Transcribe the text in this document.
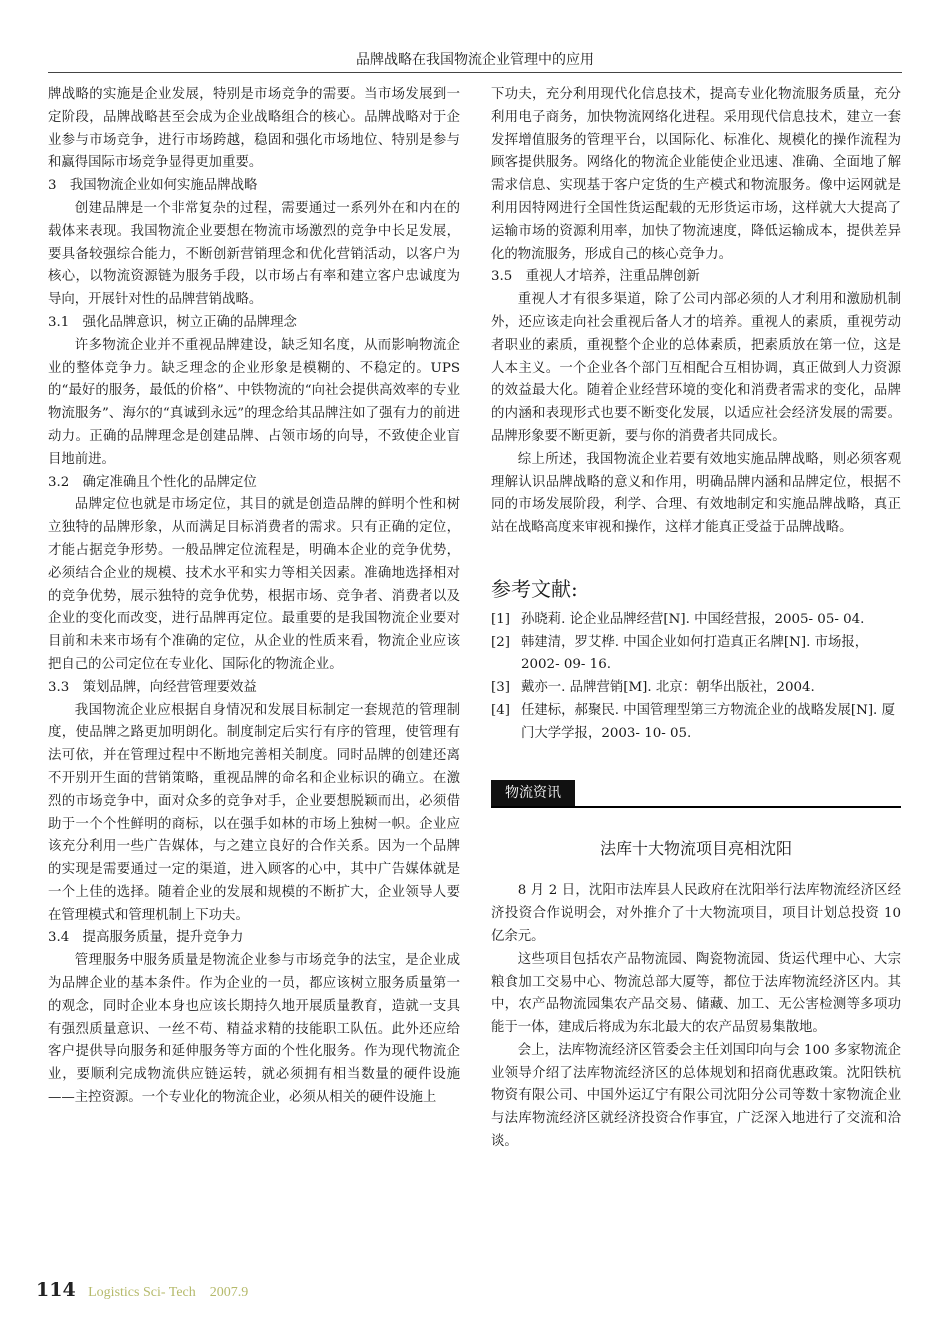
品牌战略在我国物流企业管理中的应用

牌战略的实施是企业发展，特别是市场竞争的需要。当市场发展到一定阶段，品牌战略甚至会成为企业战略组合的核心。品牌战略对于企业参与市场竞争，进行市场跨越，稳固和强化市场地位、特别是参与和赢得国际市场竞争显得更加重要。

3　我国物流企业如何实施品牌战略

创建品牌是一个非常复杂的过程，需要通过一系列外在和内在的载体来表现。我国物流企业要想在物流市场激烈的竞争中长足发展，要具备较强综合能力，不断创新营销理念和优化营销活动，以客户为核心，以物流资源链为服务手段，以市场占有率和建立客户忠诚度为导向，开展针对性的品牌营销战略。

3.1　强化品牌意识，树立正确的品牌理念

许多物流企业并不重视品牌建设，缺乏知名度，从而影响物流企业的整体竞争力。缺乏理念的企业形象是模糊的、不稳定的。UPS的“最好的服务，最低的价格”、中铁物流的“向社会提供高效率的专业物流服务”、海尔的“真诚到永远”的理念给其品牌注如了强有力的前进动力。正确的品牌理念是创建品牌、占领市场的向导，不致使企业盲目地前进。

3.2　确定准确且个性化的品牌定位

品牌定位也就是市场定位，其目的就是创造品牌的鲜明个性和树立独特的品牌形象，从而满足目标消费者的需求。只有正确的定位，才能占据竞争形势。一般品牌定位流程是，明确本企业的竞争优势，必须结合企业的规模、技术水平和实力等相关因素。准确地选择相对的竞争优势，展示独特的竞争优势，根据市场、竞争者、消费者以及企业的变化而改变，进行品牌再定位。最重要的是我国物流企业要对目前和未来市场有个准确的定位，从企业的性质来看，物流企业应该把自己的公司定位在专业化、国际化的物流企业。

3.3　策划品牌，向经营管理要效益

我国物流企业应根据自身情况和发展目标制定一套规范的管理制度，使品牌之路更加明朗化。制度制定后实行有序的管理，使管理有法可依，并在管理过程中不断地完善相关制度。同时品牌的创建还离不开别开生面的营销策略，重视品牌的命名和企业标识的确立。在激烈的市场竞争中，面对众多的竞争对手，企业要想脱颖而出，必须借助于一个个性鲜明的商标，以在强手如林的市场上独树一帜。企业应该充分利用一些广告媒体，与之建立良好的合作关系。因为一个品牌的实现是需要通过一定的渠道，进入顾客的心中，其中广告媒体就是一个上佳的选择。随着企业的发展和规模的不断扩大，企业领导人要在管理模式和管理机制上下功夫。

3.4　提高服务质量，提升竞争力

管理服务中服务质量是物流企业参与市场竞争的法宝，是企业成为品牌企业的基本条件。作为企业的一员，都应该树立服务质量第一的观念，同时企业本身也应该长期持久地开展质量教育，造就一支具有强烈质量意识、一丝不苟、精益求精的技能职工队伍。此外还应给客户提供导向服务和延伸服务等方面的个性化服务。作为现代物流企业，要顺利完成物流供应链运转，就必须拥有相当数量的硬件设施——主控资源。一个专业化的物流企业，必须从相关的硬件设施上

下功夫，充分利用现代化信息技术，提高专业化物流服务质量，充分利用电子商务，加快物流网络化进程。采用现代信息技术，建立一套发挥增值服务的管理平台，以国际化、标准化、规模化的操作流程为顾客提供服务。网络化的物流企业能使企业迅速、准确、全面地了解需求信息、实现基于客户定货的生产模式和物流服务。像中运网就是利用因特网进行全国性货运配载的无形货运市场，这样就大大提高了运输市场的资源利用率，加快了物流速度，降低运输成本，提供差异化的物流服务，形成自己的核心竞争力。

3.5　重视人才培养，注重品牌创新

重视人才有很多渠道，除了公司内部必须的人才利用和激励机制外，还应该走向社会重视后备人才的培养。重视人的素质，重视劳动者职业的素质，重视整个企业的总体素质，把素质放在第一位，这是人本主义。一个企业各个部门互相配合互相协调，真正做到人力资源的效益最大化。随着企业经营环境的变化和消费者需求的变化，品牌的内涵和表现形式也要不断变化发展，以适应社会经济发展的需要。品牌形象要不断更新，要与你的消费者共同成长。

综上所述，我国物流企业若要有效地实施品牌战略，则必须客观理解认识品牌战略的意义和作用，明确品牌内涵和品牌定位，根据不同的市场发展阶段，利学、合理、有效地制定和实施品牌战略，真正站在战略高度来审视和操作，这样才能真正受益于品牌战略。

参考文献:
[1] 孙晓莉. 论企业品牌经营[N]. 中国经营报，2005- 05- 04.
[2] 韩建清，罗艾桦. 中国企业如何打造真正名牌[N]. 市场报，2002- 09- 16.
[3] 戴亦一. 品牌营销[M]. 北京：朝华出版社，2004.
[4] 任建标，郝聚民. 中国管理型第三方物流企业的战略发展[N]. 厦门大学学报，2003- 10- 05.
物流资讯
法库十大物流项目亮相沈阳

8 月 2 日，沈阳市法库县人民政府在沈阳举行法库物流经济区经济投资合作说明会，对外推介了十大物流项目，项目计划总投资 10 亿余元。

这些项目包括农产品物流园、陶瓷物流园、货运代理中心、大宗粮食加工交易中心、物流总部大厦等，都位于法库物流经济区内。其中，农产品物流园集农产品交易、储藏、加工、无公害检测等多项功能于一体，建成后将成为东北最大的农产品贸易集散地。

会上，法库物流经济区管委会主任刘国印向与会 100 多家物流企业领导介绍了法库物流经济区的总体规划和招商优惠政策。沈阳铁杭物资有限公司、中国外运辽宁有限公司沈阳分公司等数十家物流企业与法库物流经济区就经济投资合作事宜，广泛深入地进行了交流和洽谈。

114 Logistics Sci- Tech　2007.9
